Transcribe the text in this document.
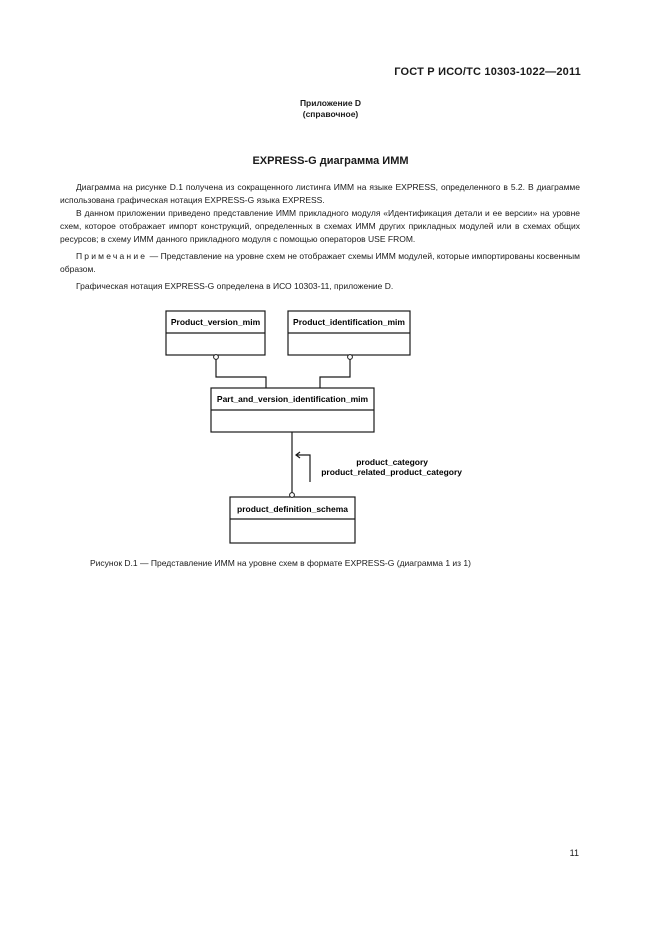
ГОСТ Р ИСО/ТС 10303-1022—2011
Приложение D
(справочное)
EXPRESS-G диаграмма ИММ

Диаграмма на рисунке D.1 получена из сокращенного листинга ИММ на языке EXPRESS, определенного в 5.2. В диаграмме использована графическая нотация EXPRESS-G языка EXPRESS.

В данном приложении приведено представление ИММ прикладного модуля «Идентификация детали и ее версии» на уровне схем, которое отображает импорт конструкций, определенных в схемах ИММ других прикладных модулей или в схемах общих ресурсов; в схему ИММ данного прикладного модуля с помощью операторов USE FROM.

Примечание — Представление на уровне схем не отображает схемы ИММ модулей, которые импортированы косвенным образом.

Графическая нотация EXPRESS-G определена в ИСО 10303-11, приложение D.

Product_version_mim	Product_identification_mim
Part_and_version_identification_mim
product_definition_schema
product_category
product_related_product_category
Рисунок D.1 — Представление ИММ на уровне схем в формате EXPRESS-G (диаграмма 1 из 1)
11
